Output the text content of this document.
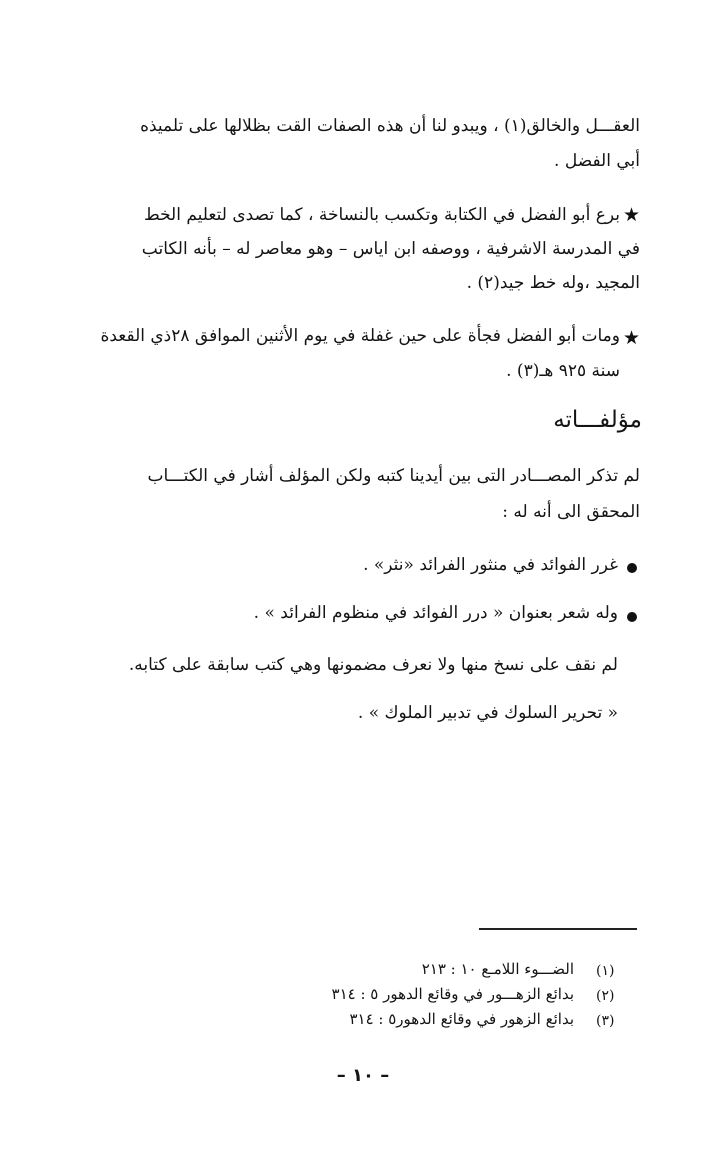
العقـــل والخالق(١) ، ويبدو لنا أن هذه الصفات القت بظلالها على تلميذه
أبي الفضل .
★
برع أبو الفضل في الكتابة وتكسب بالنساخة ، كما تصدى لتعليم الخط
في المدرسة الاشرفية ، ووصفه ابن اياس – وهو معاصر له – بأنه الكاتب
المجيد ،وله خط جيد(٢) .
★
ومات أبو الفضل فجأة على حين غفلة في يوم الأثنين الموافق ٢٨ذي القعدة
سنة ٩٢٥ هـ(٣) .
مؤلفـــاته
لم تذكر المصـــادر التى بين أيدينا كتبه ولكن المؤلف أشار في الكتـــاب
المحقق الى أنه له :
غرر الفوائد في منثور الفرائد «نثر» .
وله شعر بعنوان « درر الفوائد في منظوم الفرائد » .
لم نقف على نسخ منها ولا نعرف مضمونها وهي كتب سابقة على كتابه.
« تحرير السلوك في تدبير الملوك » .
(١)
الضـــوء اللامـع ١٠ : ٢١٣
(٢)
بدائع الزهـــور في وقائع الدهور ٥ : ٣١٤
(٣)
بدائع الزهور في وقائع الدهور٥ : ٣١٤
– ١٠ –
